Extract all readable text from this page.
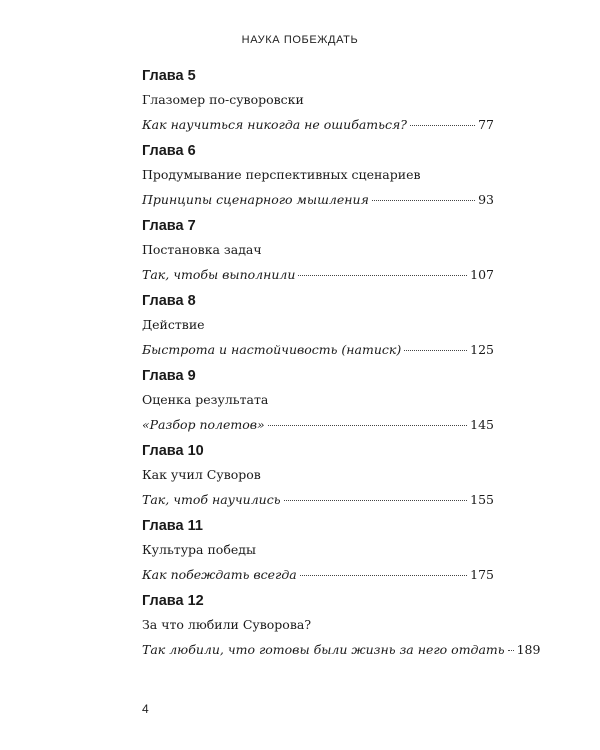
НАУКА ПОБЕЖДАТЬ
Глава 5
Глазомер по-суворовски
Как научиться никогда не ошибаться?	77
Глава 6
Продумывание перспективных сценариев
Принципы сценарного мышления	93
Глава 7
Постановка задач
Так, чтобы выполнили	107
Глава 8
Действие
Быстрота и настойчивость (натиск)	125
Глава 9
Оценка результата
«Разбор полетов»	145
Глава 10
Как учил Суворов
Так, чтоб научились	155
Глава 11
Культура победы
Как побеждать всегда	175
Глава 12
За что любили Суворова?
Так любили, что готовы были жизнь за него отдать 189
4
